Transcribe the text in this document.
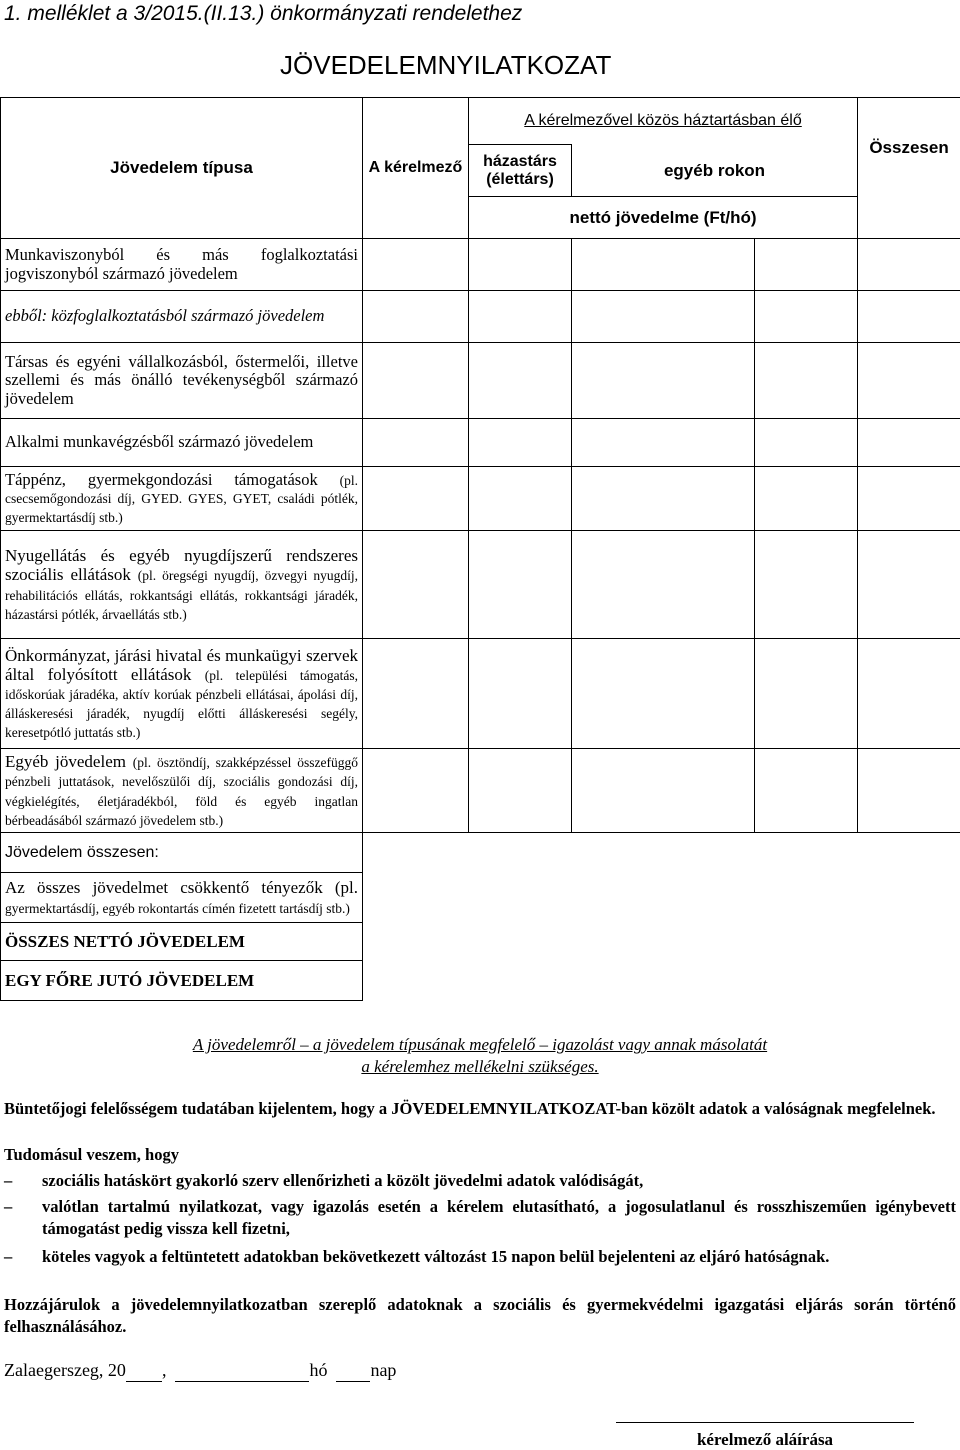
1. melléklet a 3/2015.(II.13.) önkormányzati rendelethez
JÖVEDELEMNYILATKOZAT
Jövedelem típusa	A kérelmező	A kérelmezővel közös háztartásban élő			Összesen
		házastárs (élettárs)	egyéb rokon		
		nettó jövedelme (Ft/hó)			
Munkaviszonyból és más foglalkoztatási jogviszonyból származó jövedelem					
ebből: közfoglalkoztatásból származó jövedelem					
Társas és egyéni vállalkozásból, őstermelői, illetve szellemi és más önálló tevékenységből származó jövedelem					
Alkalmi munkavégzésből származó jövedelem					
Táppénz, gyermekgondozási támogatások (pl. csecsemőgondozási díj, GYED. GYES, GYET, családi pótlék, gyermektartásdíj stb.)					
Nyugellátás és egyéb nyugdíjszerű rendszeres szociális ellátások (pl. öregségi nyugdíj, özvegyi nyugdíj, rehabilitációs ellátás, rokkantsági ellátás, rokkantsági járadék, házastársi pótlék, árvaellátás stb.)					
Önkormányzat, járási hivatal és munkaügyi szervek által folyósított ellátások (pl. települési támogatás, időskorúak járadéka, aktív korúak pénzbeli ellátásai, ápolási díj, álláskeresési járadék, nyugdíj előtti álláskeresési segély, keresetpótló juttatás stb.)					
Egyéb jövedelem (pl. ösztöndíj, szakképzéssel összefüggő pénzbeli juttatások, nevelőszülői díj, szociális gondozási díj, végkielégítés, életjáradékból, föld és egyéb ingatlan bérbeadásából származó jövedelem stb.)					
Jövedelem összesen:					
Az összes jövedelmet csökkentő tényezők (pl. gyermektartásdíj, egyéb rokontartás címén fizetett tartásdíj stb.)					
ÖSSZES NETTÓ JÖVEDELEM					
EGY FŐRE JUTÓ JÖVEDELEM					
A jövedelemről – a jövedelem típusának megfelelő – igazolást vagy annak másolatát
a kérelemhez mellékelni szükséges.
Büntetőjogi felelősségem tudatában kijelentem, hogy a JÖVEDELEMNYILATKOZAT-ban közölt adatok a valóságnak megfelelnek.
Tudomásul veszem, hogy
–	szociális hatáskört gyakorló szerv ellenőrizheti a közölt jövedelmi adatok valódiságát,
–	valótlan tartalmú nyilatkozat, vagy igazolás esetén a kérelem elutasítható, a jogosulatlanul és rosszhiszeműen igénybevett támogatást pedig vissza kell fizetni,
–	köteles vagyok a feltüntetett adatokban bekövetkezett változást 15 napon belül bejelenteni az eljáró hatóságnak.
Hozzájárulok a jövedelemnyilatkozatban szereplő adatoknak a szociális és gyermekvédelmi igazgatási eljárás során történő felhasználásához.
Zalaegerszeg, 20 ,	hó nap
kérelmező aláírása
